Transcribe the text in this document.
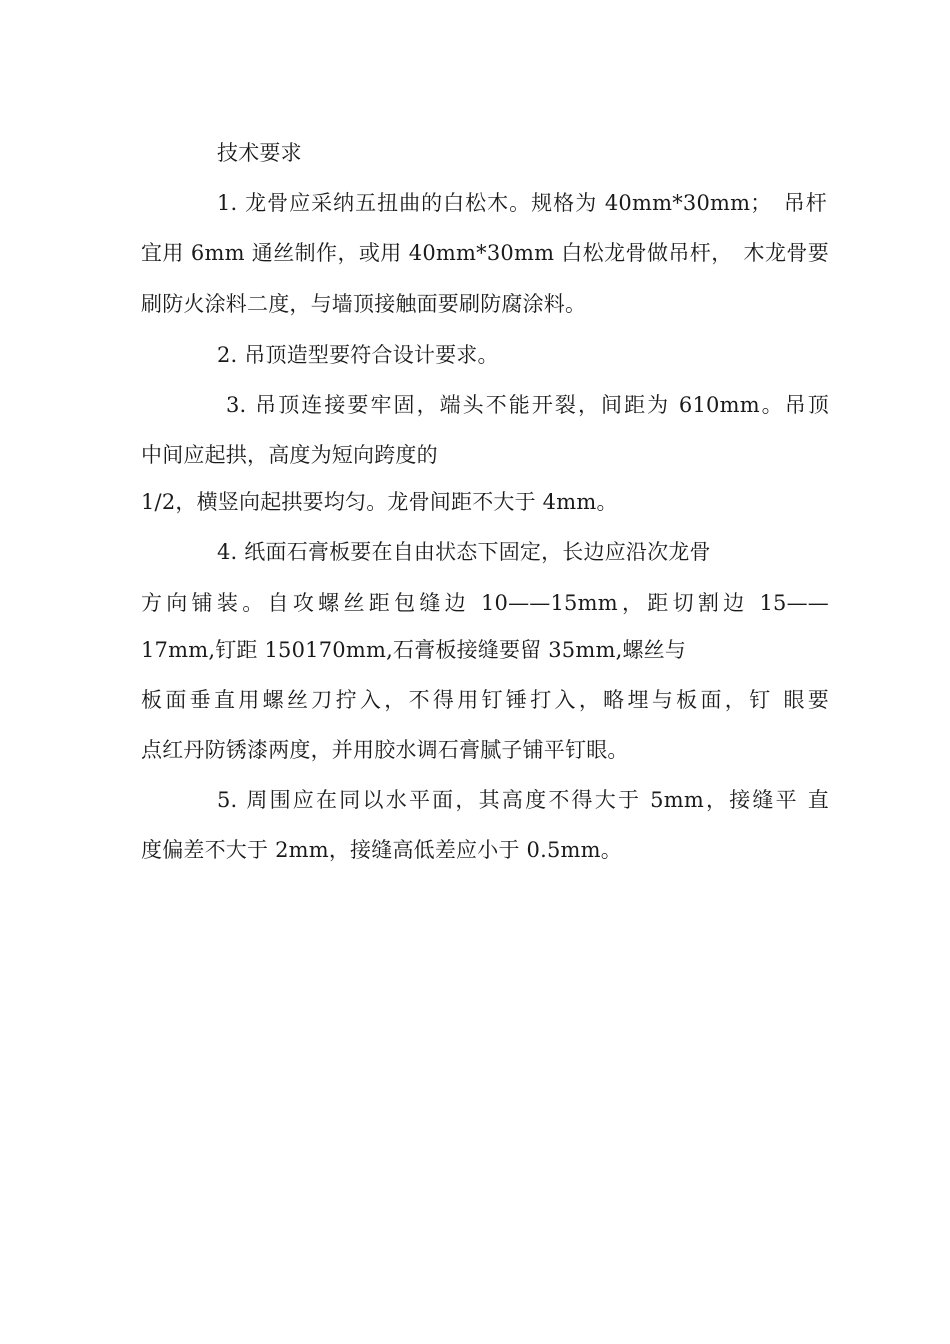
技术要求
1. 龙骨应采纳五扭曲的白松木。规格为 40mm*30mm；　吊杆
宜用 6mm 通丝制作，或用 40mm*30mm 白松龙骨做吊杆，　木龙骨要
刷防火涂料二度，与墙顶接触面要刷防腐涂料。
2. 吊顶造型要符合设计要求。
3. 吊顶连接要牢固，端头不能开裂，间距为 610mm。吊顶
中间应起拱，高度为短向跨度的
1/2，横竖向起拱要均匀。龙骨间距不大于 4mm。
4. 纸面石膏板要在自由状态下固定，长边应沿次龙骨
方向铺装。自攻螺丝距包缝边 10——15mm，距切割边 15——
17mm,钉距 150170mm,石膏板接缝要留 35mm,螺丝与
板面垂直用螺丝刀拧入，不得用钉锤打入，略埋与板面，钉 眼要
点红丹防锈漆两度，并用胶水调石膏腻子铺平钉眼。
5. 周围应在同以水平面，其高度不得大于 5mm，接缝平 直
度偏差不大于 2mm，接缝高低差应小于 0.5mm。
